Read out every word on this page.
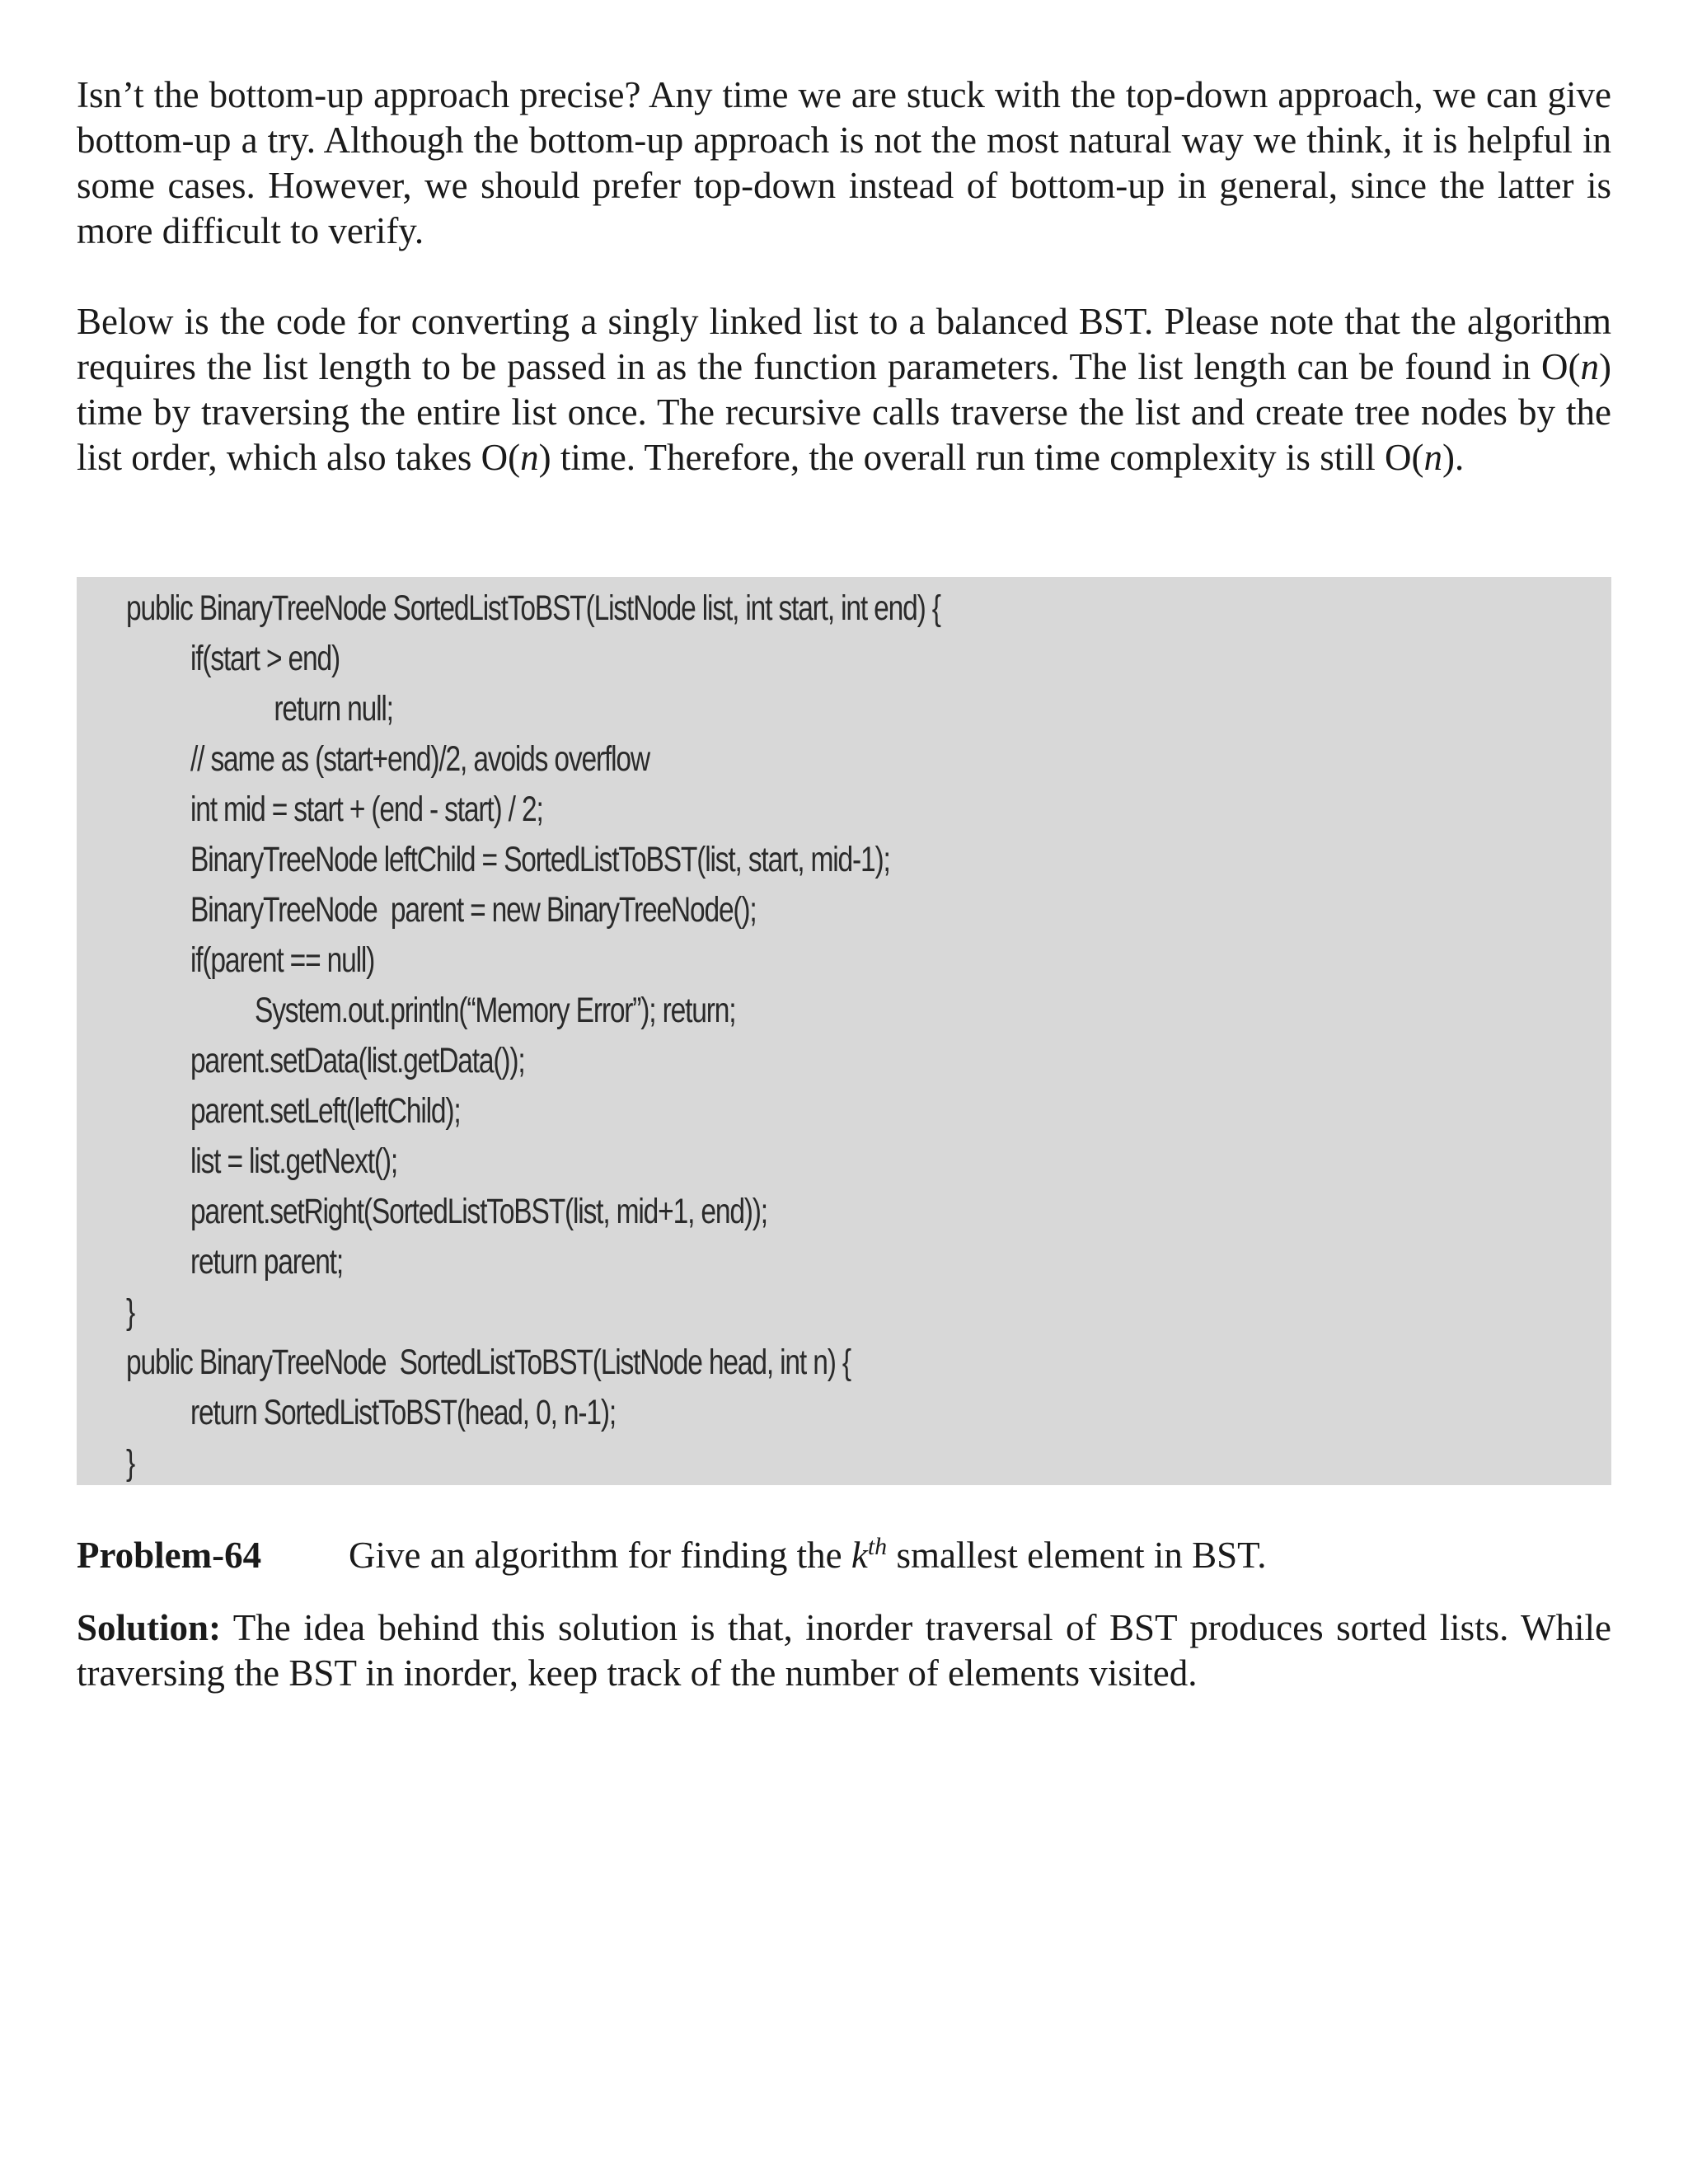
Isn’t the bottom-up approach precise? Any time we are stuck with the top-down approach, we can give bottom-up a try. Although the bottom-up approach is not the most natural way we think, it is helpful in some cases. However, we should prefer top-down instead of bottom-up in general, since the latter is more difficult to verify.

Below is the code for converting a singly linked list to a balanced BST. Please note that the algorithm requires the list length to be passed in as the function parameters. The list length can be found in O(n) time by traversing the entire list once. The recursive calls traverse the list and create tree nodes by the list order, which also takes O(n) time. Therefore, the overall run time complexity is still O(n).

public BinaryTreeNode SortedListToBST(ListNode list, int start, int end) {
if(start > end)
return null;
// same as (start+end)/2, avoids overflow
int mid = start + (end - start) / 2;
BinaryTreeNode leftChild = SortedListToBST(list, start, mid-1);
BinaryTreeNode  parent = new BinaryTreeNode();
if(parent == null)
System.out.println(“Memory Error”); return;
parent.setData(list.getData());
parent.setLeft(leftChild);
list = list.getNext();
parent.setRight(SortedListToBST(list, mid+1, end));
return parent;
}
public BinaryTreeNode  SortedListToBST(ListNode head, int n) {
return SortedListToBST(head, 0, n-1);
}
Problem-64 Give an algorithm for finding the $k^{th}$ smallest element in BST.

Solution: The idea behind this solution is that, inorder traversal of BST produces sorted lists. While traversing the BST in inorder, keep track of the number of elements visited.
